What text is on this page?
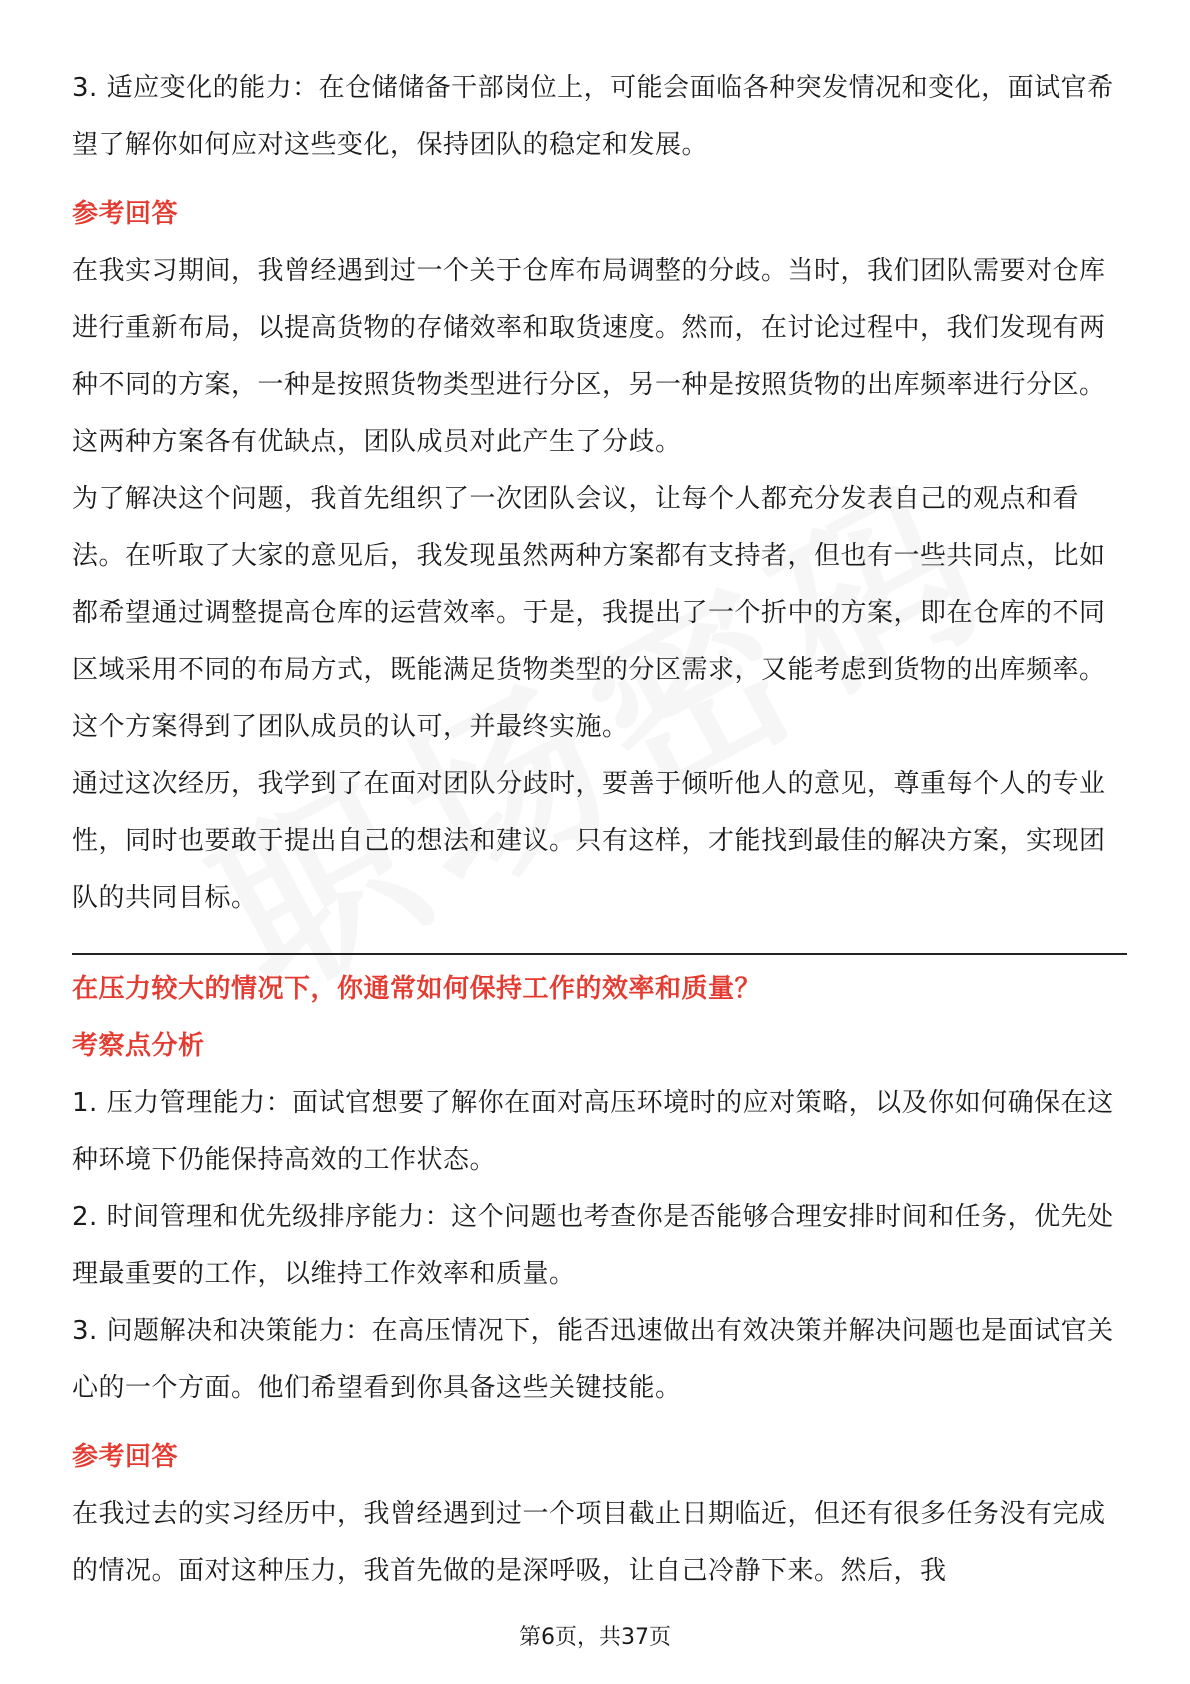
3. 适应变化的能力：在仓储储备干部岗位上，可能会面临各种突发情况和变化，面试官希望了解你如何应对这些变化，保持团队的稳定和发展。

参考回答

在我实习期间，我曾经遇到过一个关于仓库布局调整的分歧。当时，我们团队需要对仓库进行重新布局，以提高货物的存储效率和取货速度。然而，在讨论过程中，我们发现有两种不同的方案，一种是按照货物类型进行分区，另一种是按照货物的出库频率进行分区。这两种方案各有优缺点，团队成员对此产生了分歧。

为了解决这个问题，我首先组织了一次团队会议，让每个人都充分发表自己的观点和看法。在听取了大家的意见后，我发现虽然两种方案都有支持者，但也有一些共同点，比如都希望通过调整提高仓库的运营效率。于是，我提出了一个折中的方案，即在仓库的不同区域采用不同的布局方式，既能满足货物类型的分区需求，又能考虑到货物的出库频率。这个方案得到了团队成员的认可，并最终实施。

通过这次经历，我学到了在面对团队分歧时，要善于倾听他人的意见，尊重每个人的专业性，同时也要敢于提出自己的想法和建议。只有这样，才能找到最佳的解决方案，实现团队的共同目标。

在压力较大的情况下，你通常如何保持工作的效率和质量？

考察点分析

1. 压力管理能力：面试官想要了解你在面对高压环境时的应对策略，以及你如何确保在这种环境下仍能保持高效的工作状态。

2. 时间管理和优先级排序能力：这个问题也考查你是否能够合理安排时间和任务，优先处理最重要的工作，以维持工作效率和质量。

3. 问题解决和决策能力：在高压情况下，能否迅速做出有效决策并解决问题也是面试官关心的一个方面。他们希望看到你具备这些关键技能。

参考回答

在我过去的实习经历中，我曾经遇到过一个项目截止日期临近，但还有很多任务没有完成的情况。面对这种压力，我首先做的是深呼吸，让自己冷静下来。然后，我

第6页，共37页
